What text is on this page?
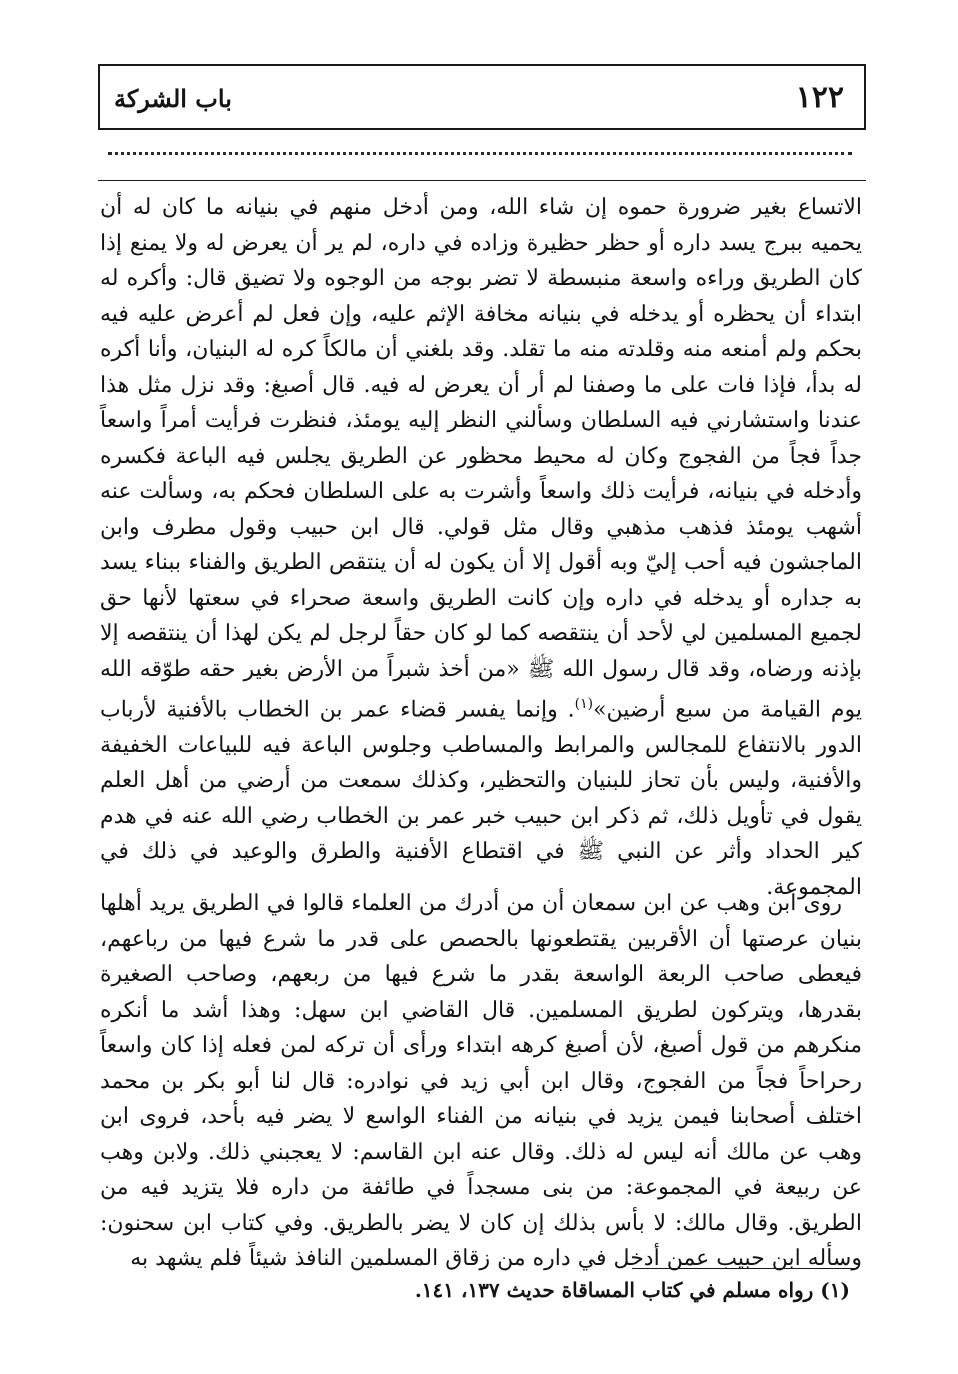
١٢٢
باب الشركة

الاتساع بغير ضرورة حموه إن شاء الله، ومن أدخل منهم في بنيانه ما كان له أن يحميه ببرج يسد داره أو حظر حظيرة وزاده في داره، لم ير أن يعرض له ولا يمنع إذا كان الطريق وراءه واسعة منبسطة لا تضر بوجه من الوجوه ولا تضيق قال: وأكره له ابتداء أن يحظره أو يدخله في بنيانه مخافة الإثم عليه، وإن فعل لم أعرض عليه فيه بحكم ولم أمنعه منه وقلدته منه ما تقلد. وقد بلغني أن مالكاً كره له البنيان، وأنا أكره له بدأ، فإذا فات على ما وصفنا لم أر أن يعرض له فيه. قال أصبغ: وقد نزل مثل هذا عندنا واستشارني فيه السلطان وسألني النظر إليه يومئذ، فنظرت فرأيت أمراً واسعاً جداً فجاً من الفجوج وكان له محيط محظور عن الطريق يجلس فيه الباعة فكسره وأدخله في بنيانه، فرأيت ذلك واسعاً وأشرت به على السلطان فحكم به، وسألت عنه أشهب يومئذ فذهب مذهبي وقال مثل قولي. قال ابن حبيب وقول مطرف وابن الماجشون فيه أحب إليّ وبه أقول إلا أن يكون له أن ينتقص الطريق والفناء ببناء يسد به جداره أو يدخله في داره وإن كانت الطريق واسعة صحراء في سعتها لأنها حق لجميع المسلمين لي لأحد أن ينتقصه كما لو كان حقاً لرجل لم يكن لهذا أن ينتقصه إلا بإذنه ورضاه، وقد قال رسول الله ﷺ «من أخذ شبراً من الأرض بغير حقه طوّقه الله يوم القيامة من سبع أرضين»$^{(١)}$. وإنما يفسر قضاء عمر بن الخطاب بالأفنية لأرباب الدور بالانتفاع للمجالس والمرابط والمساطب وجلوس الباعة فيه للبياعات الخفيفة والأفنية، وليس بأن تحاز للبنيان والتحظير، وكذلك سمعت من أرضي من أهل العلم يقول في تأويل ذلك، ثم ذكر ابن حبيب خبر عمر بن الخطاب رضي الله عنه في هدم كير الحداد وأثر عن النبي ﷺ في اقتطاع الأفنية والطرق والوعيد في ذلك في المجموعة.

روى ابن وهب عن ابن سمعان أن من أدرك من العلماء قالوا في الطريق يريد أهلها بنيان عرصتها أن الأقربين يقتطعونها بالحصص على قدر ما شرع فيها من رباعهم، فيعطى صاحب الربعة الواسعة بقدر ما شرع فيها من ربعهم، وصاحب الصغيرة بقدرها، ويتركون لطريق المسلمين. قال القاضي ابن سهل: وهذا أشد ما أنكره منكرهم من قول أصبغ، لأن أصبغ كرهه ابتداء ورأى أن تركه لمن فعله إذا كان واسعاً رحراحاً فجاً من الفجوج، وقال ابن أبي زيد في نوادره: قال لنا أبو بكر بن محمد اختلف أصحابنا فيمن يزيد في بنيانه من الفناء الواسع لا يضر فيه بأحد، فروى ابن وهب عن مالك أنه ليس له ذلك. وقال عنه ابن القاسم: لا يعجبني ذلك. ولابن وهب عن ربيعة في المجموعة: من بنى مسجداً في طائفة من داره فلا يتزيد فيه من الطريق. وقال مالك: لا بأس بذلك إن كان لا يضر بالطريق. وفي كتاب ابن سحنون: وسأله ابن حبيب عمن أدخل في داره من زقاق المسلمين النافذ شيئاً فلم يشهد به

(١) رواه مسلم في كتاب المساقاة حديث ١٣٧، ١٤١.
